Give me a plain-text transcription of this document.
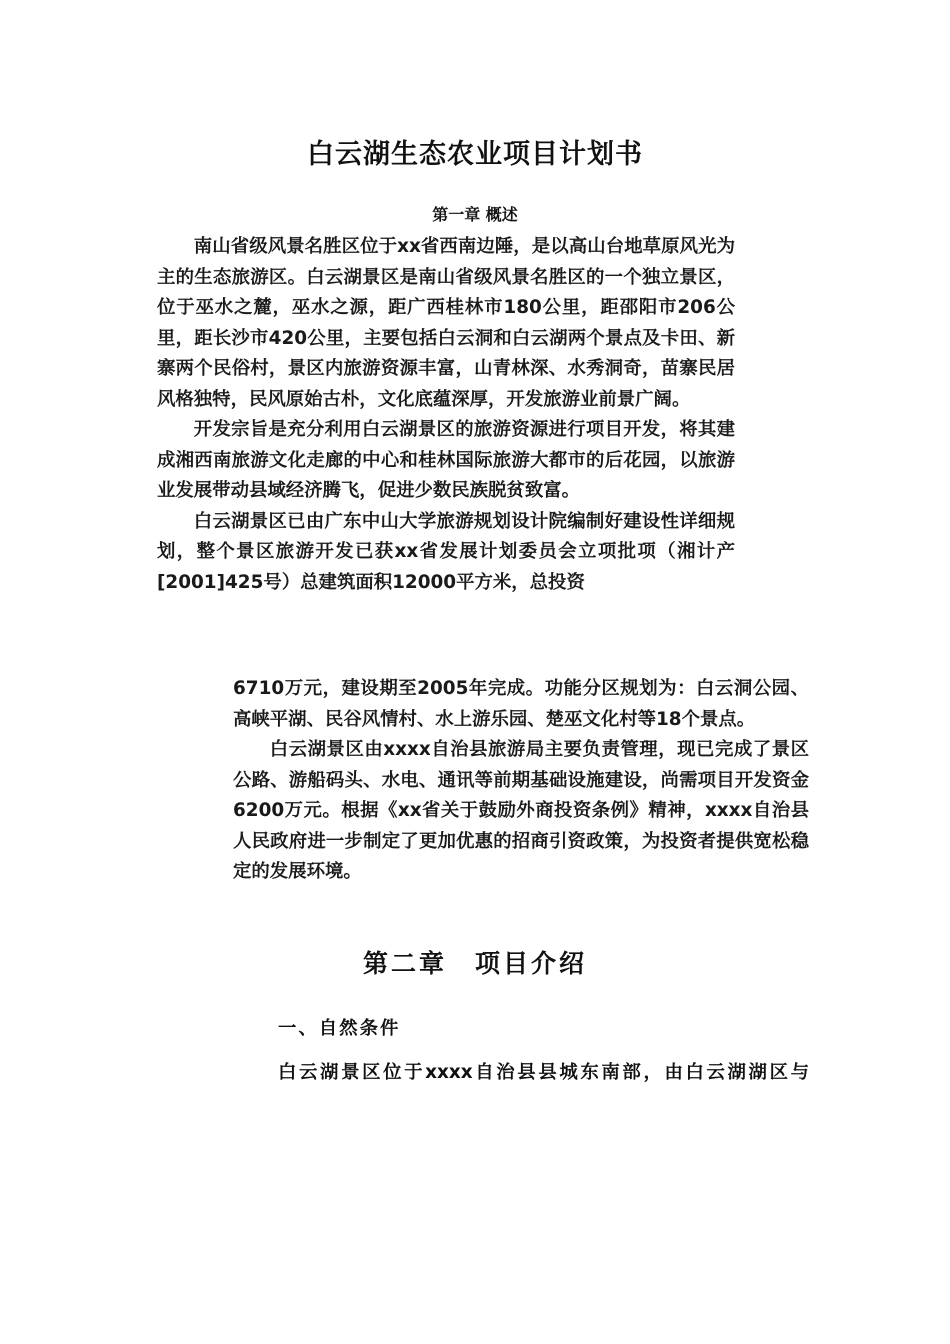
白云湖生态农业项目计划书
第一章 概述

南山省级风景名胜区位于xx省西南边陲，是以高山台地草原风光为主的生态旅游区。白云湖景区是南山省级风景名胜区的一个独立景区，位于巫水之麓，巫水之源，距广西桂林市180公里，距邵阳市206公里，距长沙市420公里，主要包括白云洞和白云湖两个景点及卡田、新寨两个民俗村，景区内旅游资源丰富，山青林深、水秀洞奇，苗寨民居风格独特，民风原始古朴，文化底蕴深厚，开发旅游业前景广阔。

开发宗旨是充分利用白云湖景区的旅游资源进行项目开发，将其建成湘西南旅游文化走廊的中心和桂林国际旅游大都市的后花园，以旅游业发展带动县域经济腾飞，促进少数民族脱贫致富。

白云湖景区已由广东中山大学旅游规划设计院编制好建设性详细规划，整个景区旅游开发已获xx省发展计划委员会立项批项（湘计产[2001]425号）总建筑面积12000平方米，总投资

6710万元，建设期至2005年完成。功能分区规划为：白云洞公园、高峡平湖、民谷风情村、水上游乐园、楚巫文化村等18个景点。

白云湖景区由xxxx自治县旅游局主要负责管理，现已完成了景区公路、游船码头、水电、通讯等前期基础设施建设，尚需项目开发资金6200万元。根据《xx省关于鼓励外商投资条例》精神，xxxx自治县人民政府进一步制定了更加优惠的招商引资政策，为投资者提供宽松稳定的发展环境。

第二章 项目介绍
一、自然条件

白云湖景区位于xxxx自治县县城东南部，由白云湖湖区与
